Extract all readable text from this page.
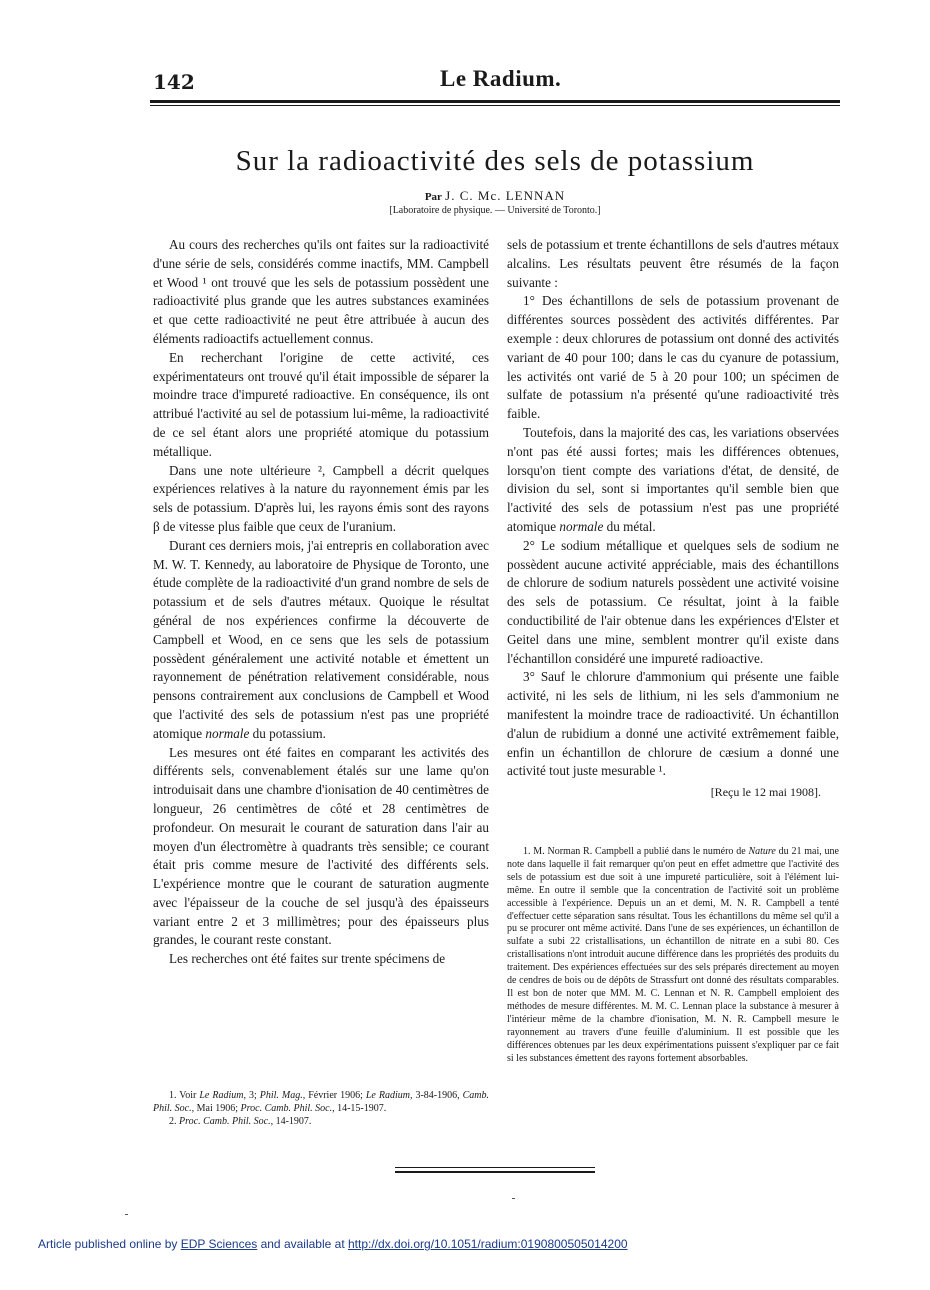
142	Le Radium.
Sur la radioactivité des sels de potassium
Par J. C. Mc. LENNAN
[Laboratoire de physique. — Université de Toronto.]

Au cours des recherches qu'ils ont faites sur la radioactivité d'une série de sels, considérés comme inactifs, MM. Campbell et Wood ¹ ont trouvé que les sels de potassium possèdent une radioactivité plus grande que les autres substances examinées et que cette radioactivité ne peut être attribuée à aucun des éléments radioactifs actuellement connus.

En recherchant l'origine de cette activité, ces expérimentateurs ont trouvé qu'il était impossible de séparer la moindre trace d'impureté radioactive. En conséquence, ils ont attribué l'activité au sel de potassium lui-même, la radioactivité de ce sel étant alors une propriété atomique du potassium métallique.

Dans une note ultérieure ², Campbell a décrit quelques expériences relatives à la nature du rayonnement émis par les sels de potassium. D'après lui, les rayons émis sont des rayons β de vitesse plus faible que ceux de l'uranium.

Durant ces derniers mois, j'ai entrepris en collaboration avec M. W. T. Kennedy, au laboratoire de Physique de Toronto, une étude complète de la radioactivité d'un grand nombre de sels de potassium et de sels d'autres métaux. Quoique le résultat général de nos expériences confirme la découverte de Campbell et Wood, en ce sens que les sels de potassium possèdent généralement une activité notable et émettent un rayonnement de pénétration relativement considérable, nous pensons contrairement aux conclusions de Campbell et Wood que l'activité des sels de potassium n'est pas une propriété atomique normale du potassium.

Les mesures ont été faites en comparant les activités des différents sels, convenablement étalés sur une lame qu'on introduisait dans une chambre d'ionisation de 40 centimètres de longueur, 26 centimètres de côté et 28 centimètres de profondeur. On mesurait le courant de saturation dans l'air au moyen d'un électromètre à quadrants très sensible; ce courant était pris comme mesure de l'activité des différents sels. L'expérience montre que le courant de saturation augmente avec l'épaisseur de la couche de sel jusqu'à des épaisseurs variant entre 2 et 3 millimètres; pour des épaisseurs plus grandes, le courant reste constant.

Les recherches ont été faites sur trente spécimens de

sels de potassium et trente échantillons de sels d'autres métaux alcalins. Les résultats peuvent être résumés de la façon suivante :

1° Des échantillons de sels de potassium provenant de différentes sources possèdent des activités différentes. Par exemple : deux chlorures de potassium ont donné des activités variant de 40 pour 100; dans le cas du cyanure de potassium, les activités ont varié de 5 à 20 pour 100; un spécimen de sulfate de potassium n'a présenté qu'une radioactivité très faible.

Toutefois, dans la majorité des cas, les variations observées n'ont pas été aussi fortes; mais les différences obtenues, lorsqu'on tient compte des variations d'état, de densité, de division du sel, sont si importantes qu'il semble bien que l'activité des sels de potassium n'est pas une propriété atomique normale du métal.

2° Le sodium métallique et quelques sels de sodium ne possèdent aucune activité appréciable, mais des échantillons de chlorure de sodium naturels possèdent une activité voisine des sels de potassium. Ce résultat, joint à la faible conductibilité de l'air obtenue dans les expériences d'Elster et Geitel dans une mine, semblent montrer qu'il existe dans l'échantillon considéré une impureté radioactive.

3° Sauf le chlorure d'ammonium qui présente une faible activité, ni les sels de lithium, ni les sels d'ammonium ne manifestent la moindre trace de radioactivité. Un échantillon d'alun de rubidium a donné une activité extrêmement faible, enfin un échantillon de chlorure de cæsium a donné une activité tout juste mesurable ¹.

[Reçu le 12 mai 1908].

1. M. Norman R. Campbell a publié dans le numéro de Nature du 21 mai, une note dans laquelle il fait remarquer qu'on peut en effet admettre que l'activité des sels de potassium est due soit à une impureté particulière, soit à l'élément lui-même. En outre il semble que la concentration de l'activité soit un problème accessible à l'expérience. Depuis un an et demi, M. N. R. Campbell a tenté d'effectuer cette séparation sans résultat. Tous les échantillons du même sel qu'il a pu se procurer ont même activité. Dans l'une de ses expériences, un échantillon de sulfate a subi 22 cristallisations, un échantillon de nitrate en a subi 80. Ces cristallisations n'ont introduit aucune différence dans les propriétés des produits du traitement. Des expériences effectuées sur des sels préparés directement au moyen de cendres de bois ou de dépôts de Strassfurt ont donné des résultats comparables. Il est bon de noter que MM. M. C. Lennan et N. R. Campbell emploient des méthodes de mesure différentes. M. M. C. Lennan place la substance à mesurer à l'intérieur même de la chambre d'ionisation, M. N. R. Campbell mesure le rayonnement au travers d'une feuille d'aluminium. Il est possible que les différences obtenues par les deux expérimentations puissent s'expliquer par ce fait si les substances émettent des rayons fortement absorbables.

1. Voir Le Radium, 3; Phil. Mag., Février 1906; Le Radium, 3-84-1906, Camb. Phil. Soc., Mai 1906; Proc. Camb. Phil. Soc., 14-15-1907.

2. Proc. Camb. Phil. Soc., 14-1907.

Article published online by EDP Sciences and available at http://dx.doi.org/10.1051/radium:0190800505014200
